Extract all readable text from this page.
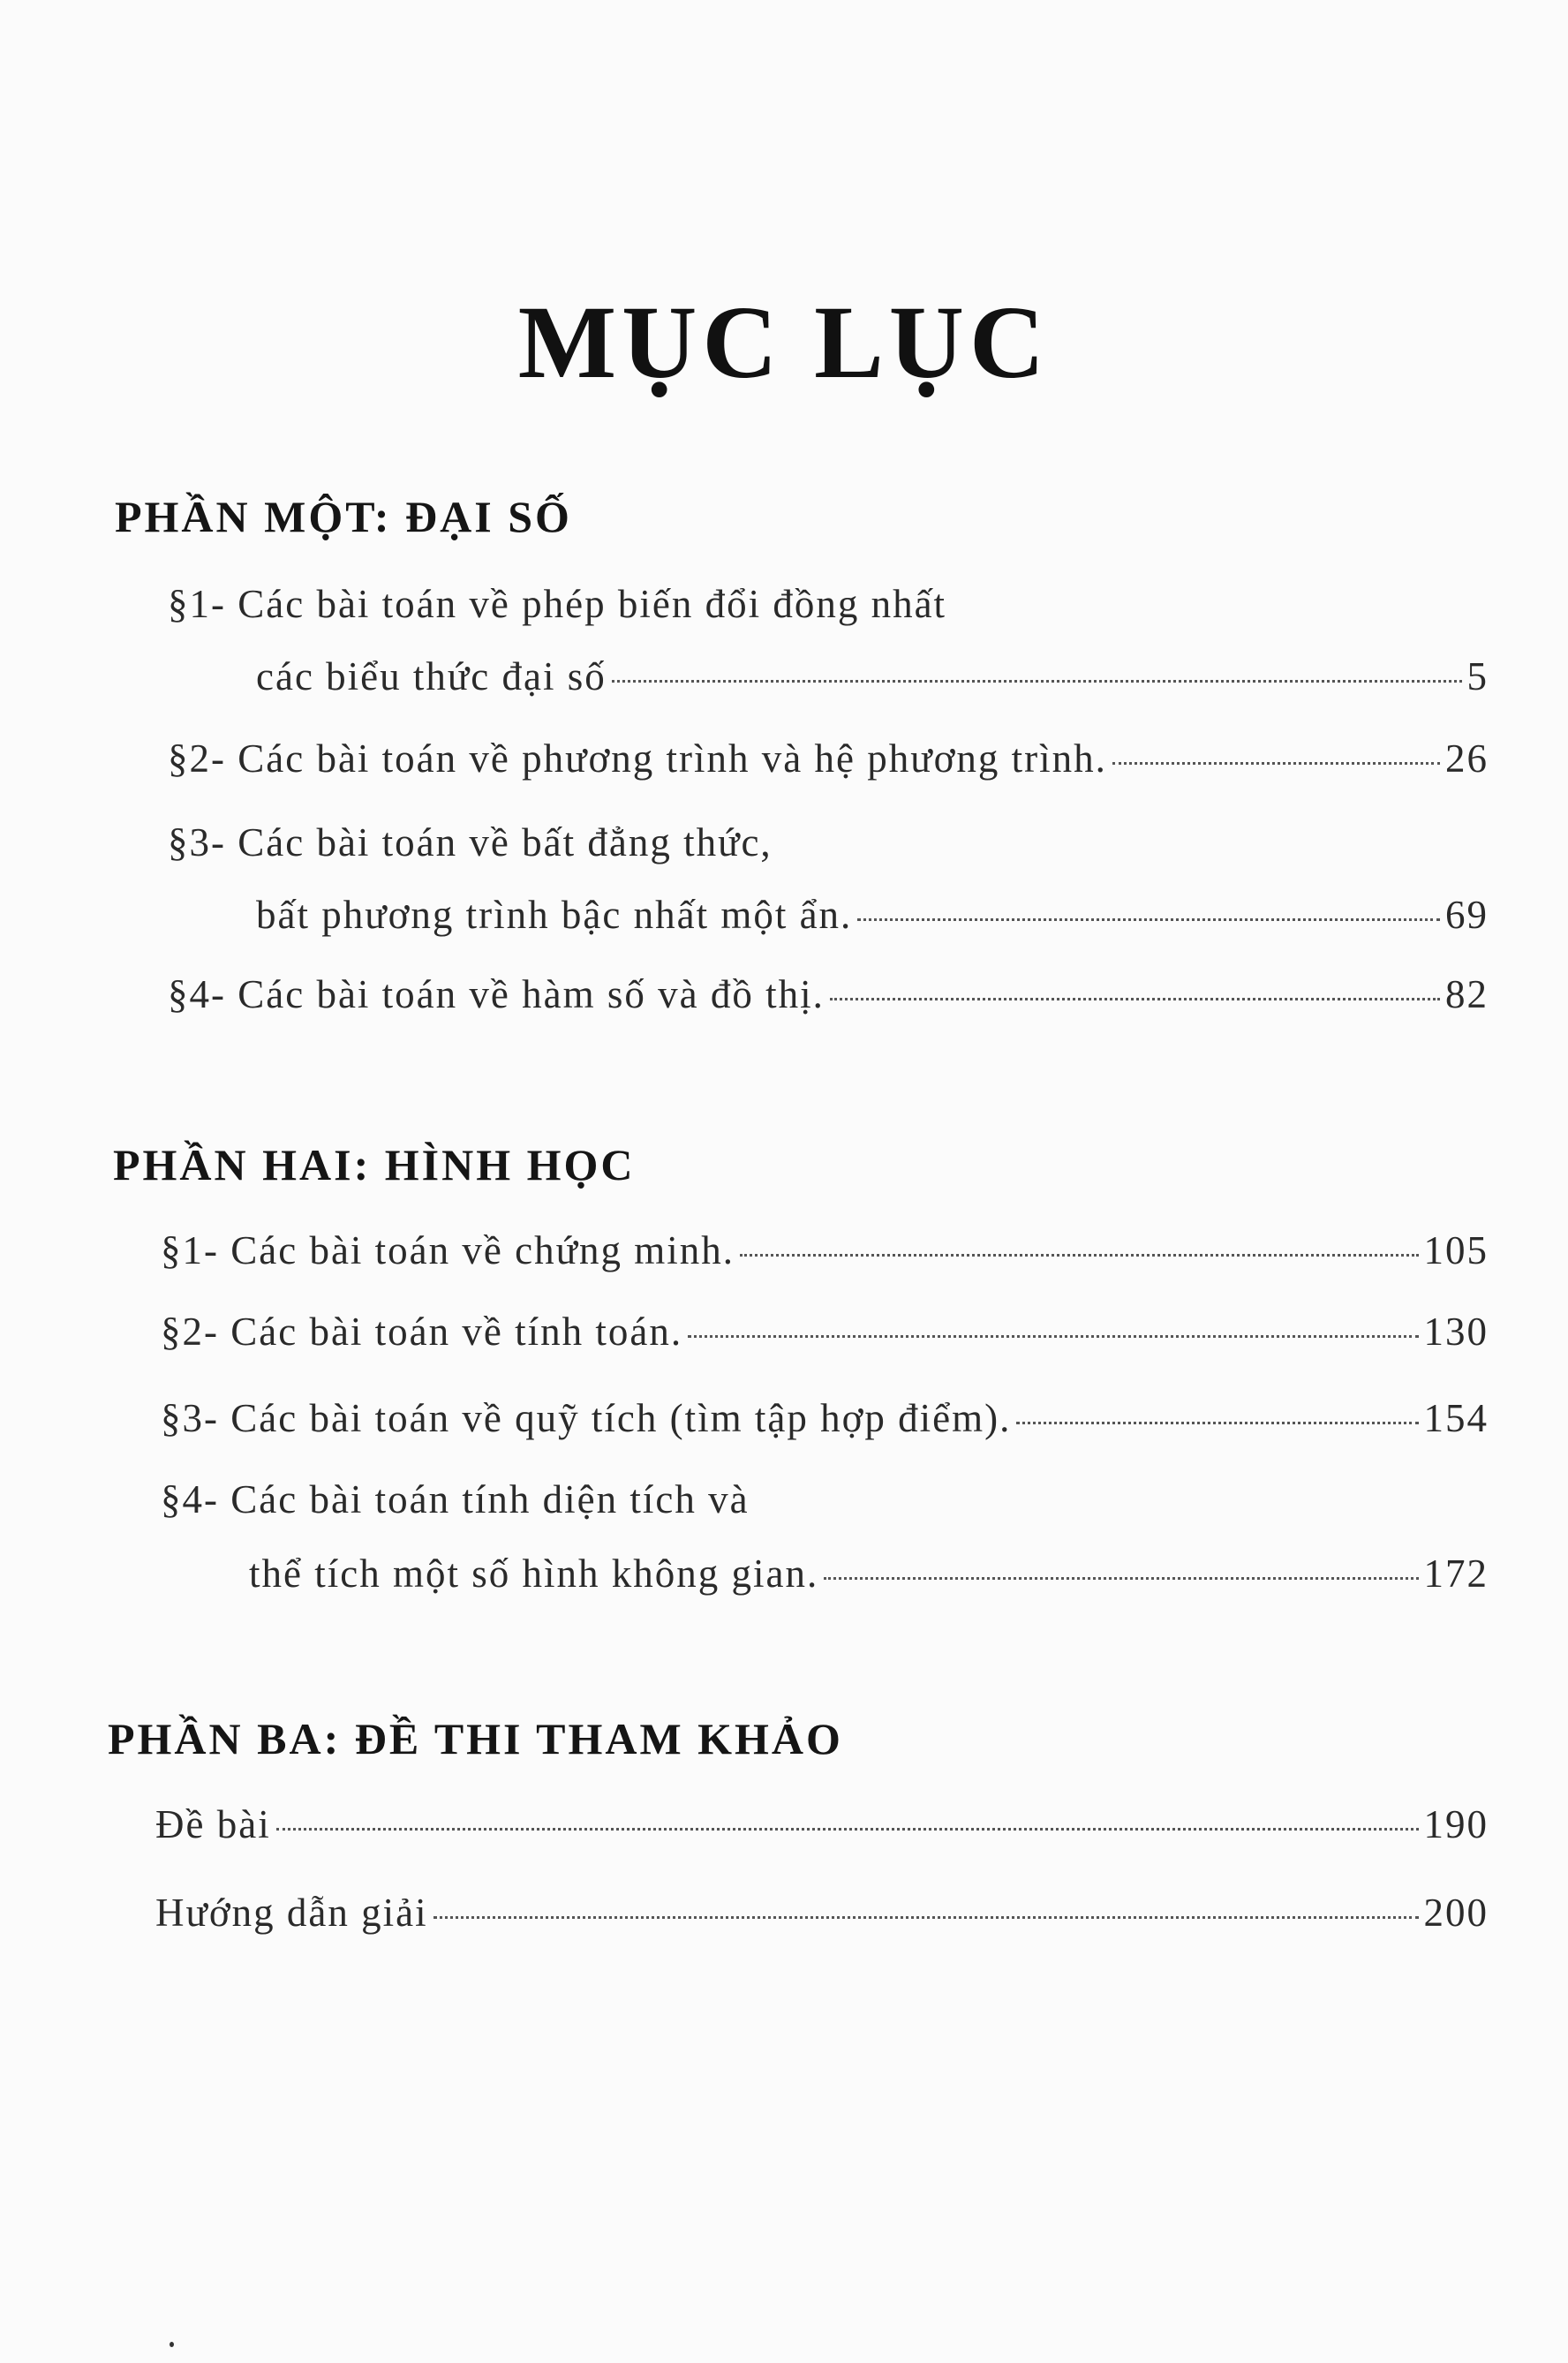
MỤC LỤC
PHẦN MỘT: ĐẠI SỐ
§1- Các bài toán về phép biến đổi đồng nhất
các biểu thức đại số	5
§2- Các bài toán về phương trình và hệ phương trình.	26
§3- Các bài toán về bất đẳng thức,
bất phương trình bậc nhất một ẩn.	69
§4- Các bài toán về hàm số và đồ thị.	82
PHẦN HAI: HÌNH HỌC
§1- Các bài toán về chứng minh.	105
§2- Các bài toán về tính toán.	130
§3- Các bài toán về quỹ tích (tìm tập hợp điểm).	154
§4- Các bài toán tính diện tích và
thể tích một số hình không gian.	172
PHẦN BA: ĐỀ THI THAM KHẢO
Đề bài	190
Hướng dẫn giải	200
